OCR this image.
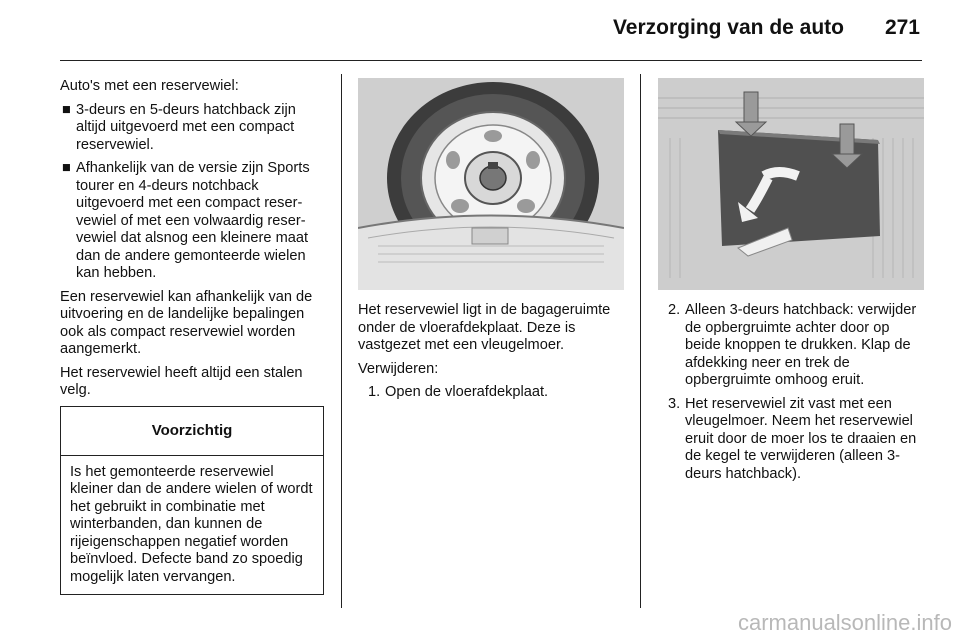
Verzorging van de auto 271

Auto's met een reservewiel:

■ 3-deurs en 5-deurs hatchback zijn altijd uitgevoerd met een compact reservewiel.
■ Afhankelijk van de versie zijn Sports tourer en 4-deurs notchback uitgevoerd met een compact reservewiel of met een volwaardig reservewiel dat alsnog een kleinere maat dan de andere gemonteerde wielen kan hebben.

Een reservewiel kan afhankelijk van de uitvoering en de landelijke bepalingen ook als compact reservewiel worden aangemerkt.

Het reservewiel heeft altijd een stalen velg.

Voorzichtig
Is het gemonteerde reservewiel kleiner dan de andere wielen of wordt het gebruikt in combinatie met winterbanden, dan kunnen de rijeigenschappen negatief worden beïnvloed. Defecte band zo spoedig mogelijk laten vervangen.

Het reservewiel ligt in de bagageruimte onder de vloerafdekplaat. Deze is vastgezet met een vleugelmoer.

Verwijderen:

1. Open de vloerafdekplaat.
2. Alleen 3-deurs hatchback: verwijder de opbergruimte achter door op beide knoppen te drukken. Klap de afdekking neer en trek de opbergruimte omhoog eruit.
3. Het reservewiel zit vast met een vleugelmoer. Neem het reservewiel eruit door de moer los te draaien en de kegel te verwijderen (alleen 3-deurs hatchback).
carmanualsonline.info
